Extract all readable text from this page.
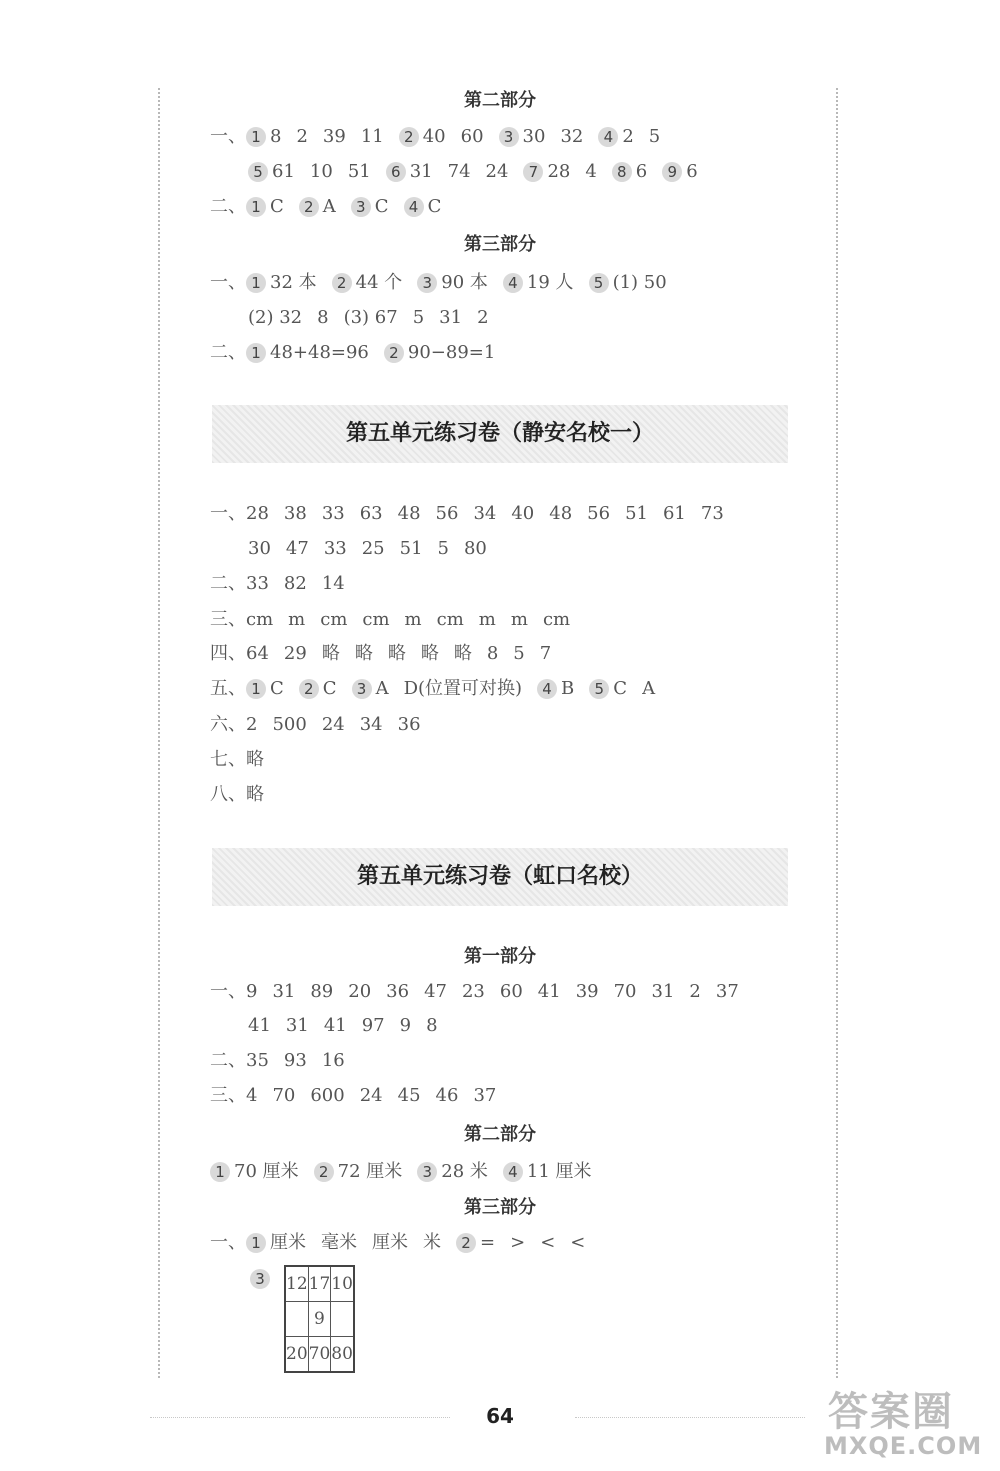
第二部分
一、 1 8 2 39 11 2 40 60 3 30 32 4 2 5
5 61 10 51 6 31 74 24 7 28 4 8 6 9 6
二、 1 C 2 A 3 C 4 C
第三部分
一、 1 32 本 2 44 个 3 90 本 4 19 人 5 (1) 50
(2) 32 8 (3) 67 5 31 2
二、 1 48+48=96 2 90−89=1
第五单元练习卷（静安名校一）
一、28 38 33 63 48 56 34 40 48 56 51 61 73
30 47 33 25 51 5 80
二、33 82 14
三、cm m cm cm m cm m m cm
四、64 29 略 略 略 略 略 8 5 7
六、2 500 24 34 36
七、略
八、略
五、 1 C 2 C 3 A D(位置可对换) 4 B 5 C A
第五单元练习卷（虹口名校）
第一部分
一、9 31 89 20 36 47 23 60 41 39 70 31 2 37
41 31 41 97 9 8
二、35 93 16
三、4 70 600 24 45 46 37
第二部分
1 70 厘米 2 72 厘米 3 28 米 4 11 厘米
第三部分
一、 1 厘米 毫米 厘米 米 2 = > < <
3	12	17	10
	9	
20	70	80
64	答案圈
MXQE.COM
